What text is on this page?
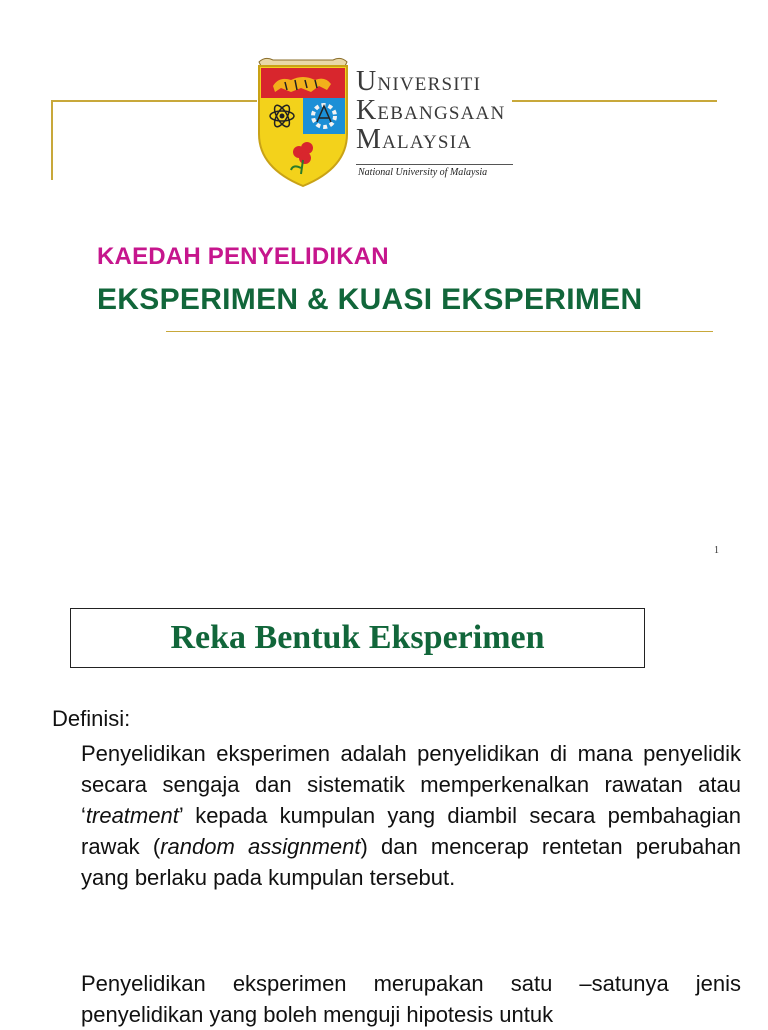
UNIVERSITI
KEBANGSAAN
MALAYSIA
National University of Malaysia
KAEDAH PENYELIDIKAN
EKSPERIMEN & KUASI EKSPERIMEN
1
Reka Bentuk Eksperimen
Definisi:
Penyelidikan eksperimen adalah penyelidikan di mana penyelidik secara sengaja dan sistematik memperkenalkan rawatan atau ‘treatment’ kepada kumpulan yang diambil secara pembahagian rawak (random assignment) dan mencerap rentetan perubahan yang berlaku pada kumpulan tersebut.
Penyelidikan eksperimen merupakan satu –satunya jenis penyelidikan yang boleh menguji hipotesis untuk
